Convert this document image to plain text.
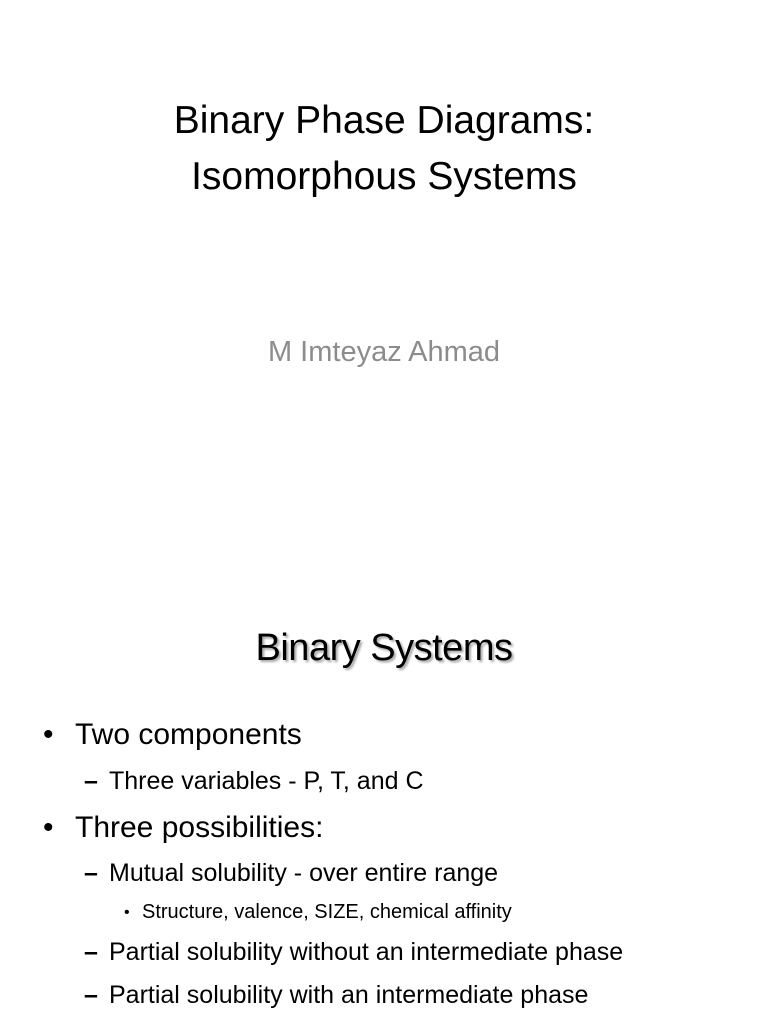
Binary Phase Diagrams:
Isomorphous Systems
M Imteyaz Ahmad
Binary Systems
• Two components
– Three variables - P, T, and C
• Three possibilities:
– Mutual solubility - over entire range
• Structure, valence, SIZE, chemical affinity
– Partial solubility without an intermediate phase
– Partial solubility with an intermediate phase
